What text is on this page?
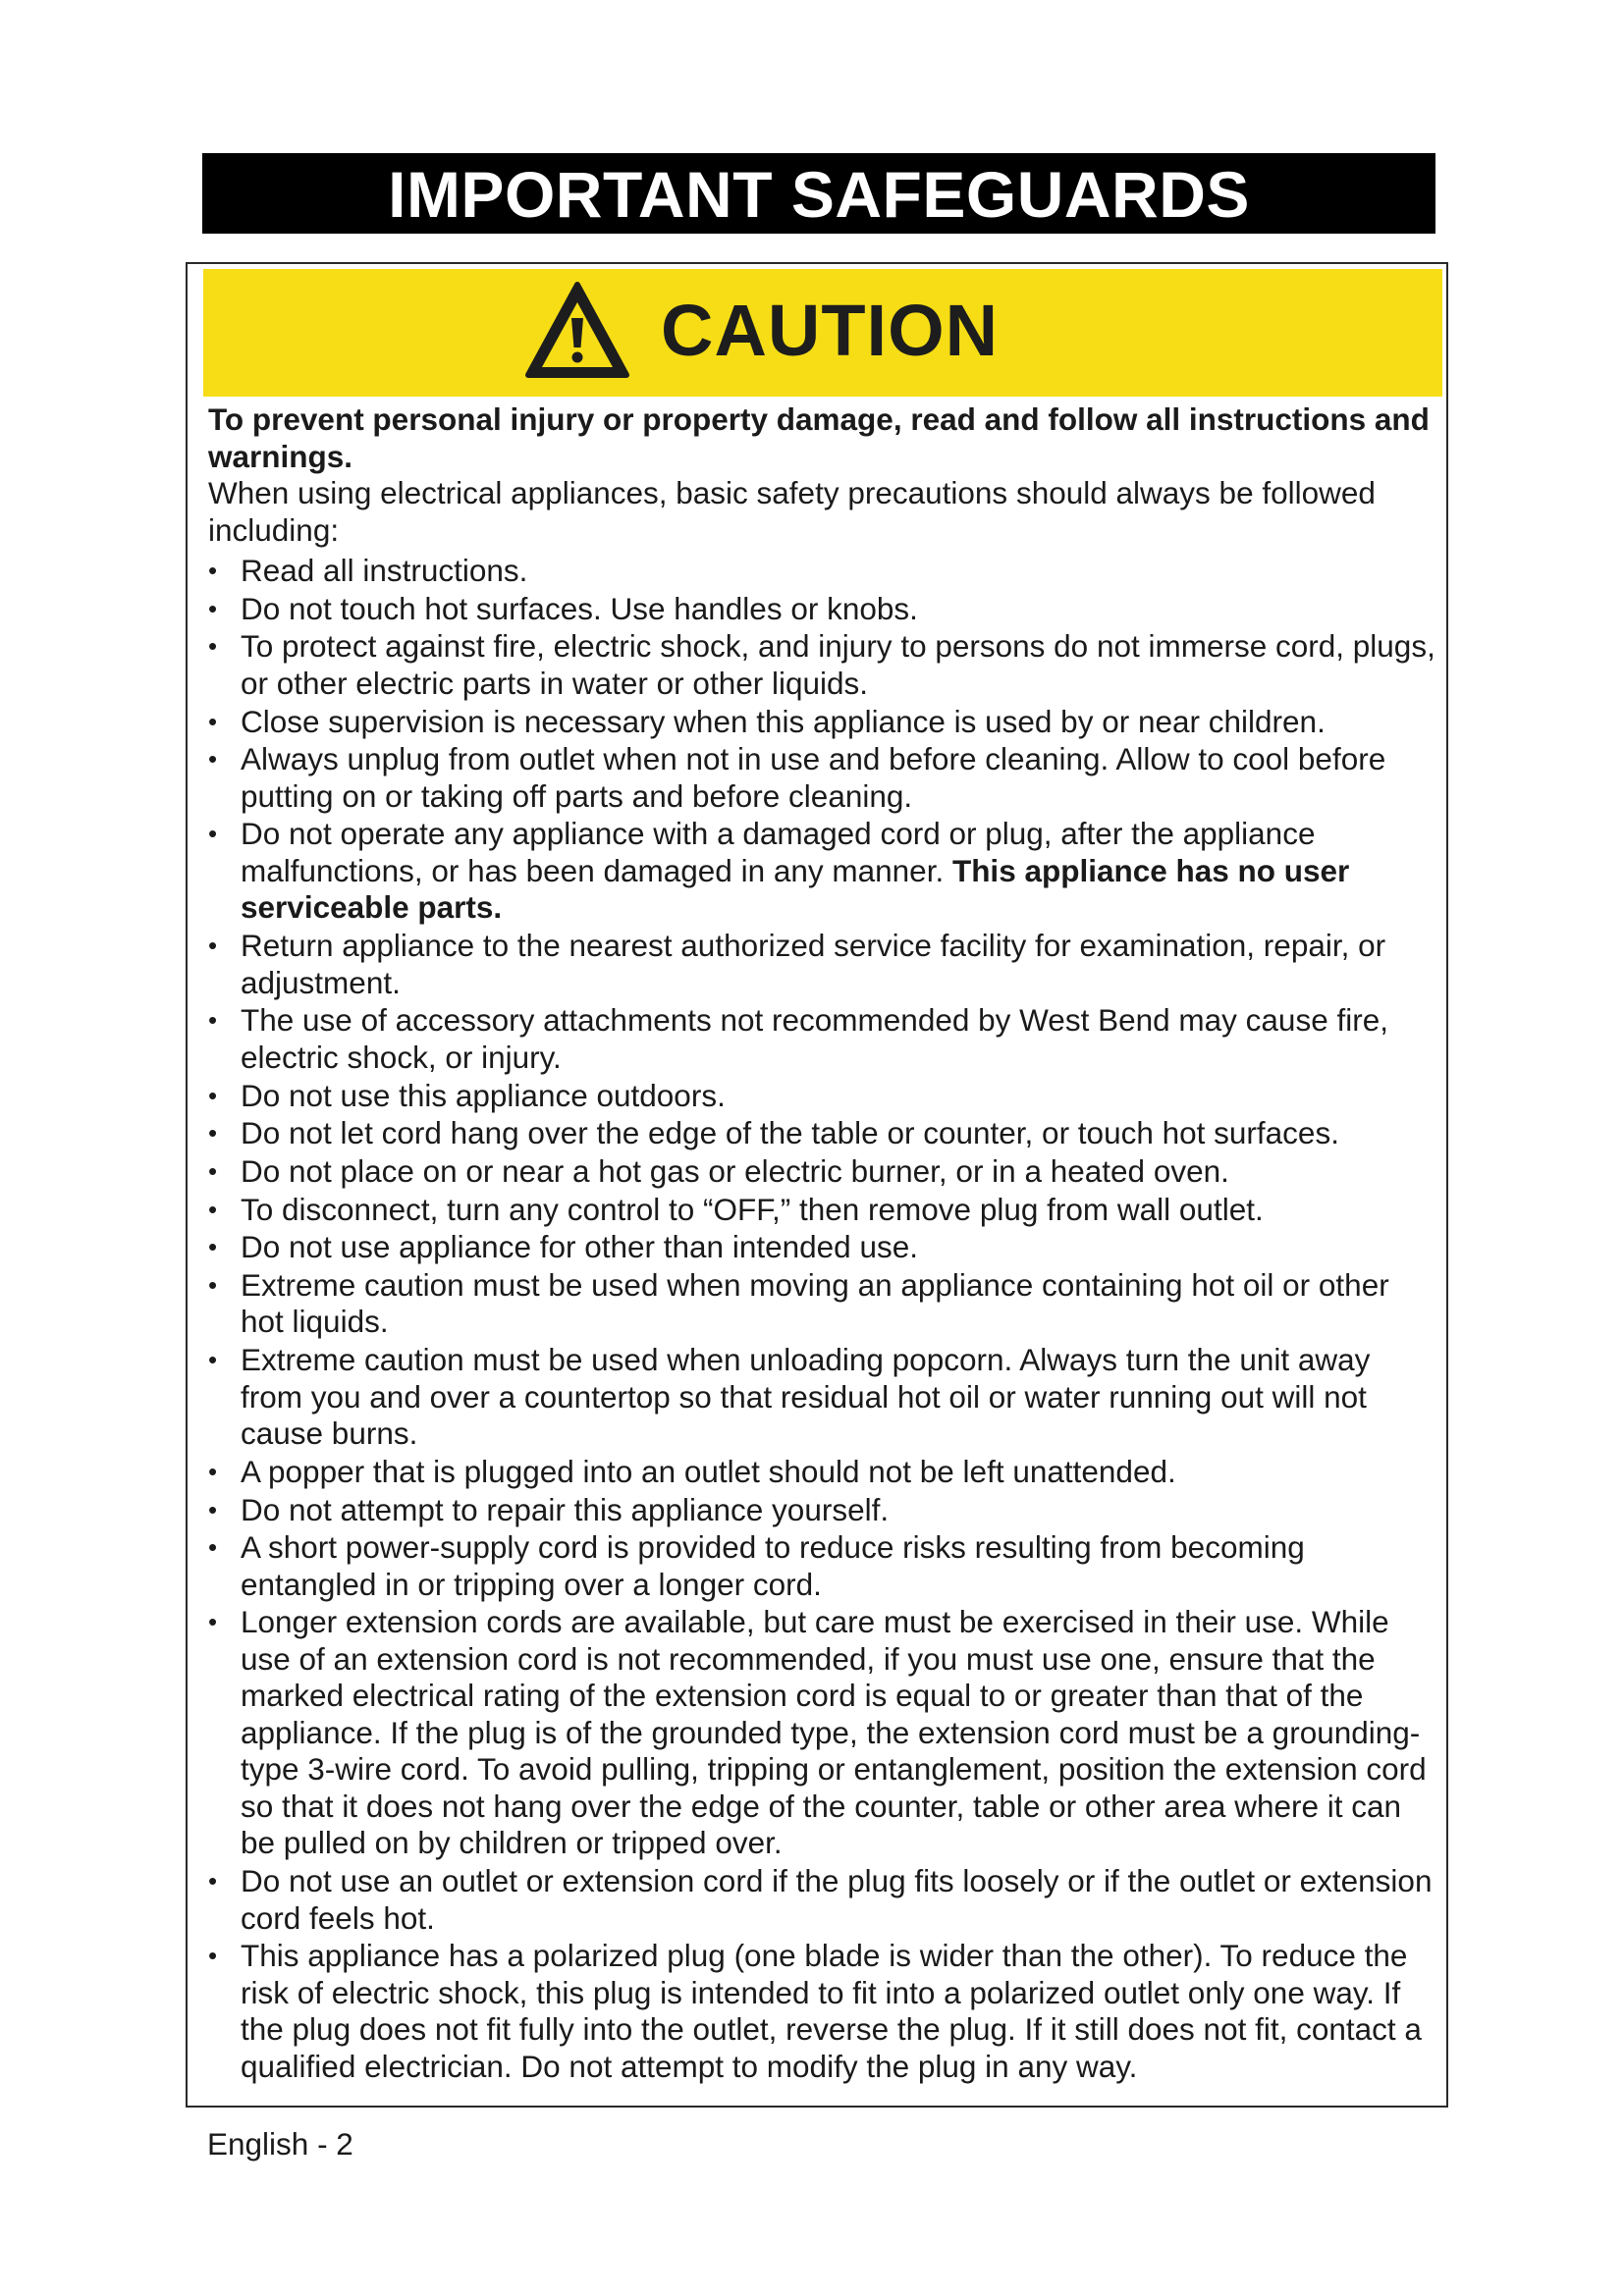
IMPORTANT SAFEGUARDS
CAUTION

To prevent personal injury or property damage, read and follow all instructions and warnings.

When using electrical appliances, basic safety precautions should always be followed including:

• Read all instructions.
• Do not touch hot surfaces. Use handles or knobs.
• To protect against fire, electric shock, and injury to persons do not immerse cord, plugs, or other electric parts in water or other liquids.
• Close supervision is necessary when this appliance is used by or near children.
• Always unplug from outlet when not in use and before cleaning. Allow to cool before putting on or taking off parts and before cleaning.
• Do not operate any appliance with a damaged cord or plug, after the appliance malfunctions, or has been damaged in any manner. This appliance has no user serviceable parts.
• Return appliance to the nearest authorized service facility for examination, repair, or adjustment.
• The use of accessory attachments not recommended by West Bend may cause fire, electric shock, or injury.
• Do not use this appliance outdoors.
• Do not let cord hang over the edge of the table or counter, or touch hot surfaces.
• Do not place on or near a hot gas or electric burner, or in a heated oven.
• To disconnect, turn any control to “OFF,” then remove plug from wall outlet.
• Do not use appliance for other than intended use.
• Extreme caution must be used when moving an appliance containing hot oil or other hot liquids.
• Extreme caution must be used when unloading popcorn. Always turn the unit away from you and over a countertop so that residual hot oil or water running out will not cause burns.
• A popper that is plugged into an outlet should not be left unattended.
• Do not attempt to repair this appliance yourself.
• A short power-supply cord is provided to reduce risks resulting from becoming entangled in or tripping over a longer cord.
• Longer extension cords are available, but care must be exercised in their use. While use of an extension cord is not recommended, if you must use one, ensure that the marked electrical rating of the extension cord is equal to or greater than that of the appliance. If the plug is of the grounded type, the extension cord must be a grounding-type 3-wire cord. To avoid pulling, tripping or entanglement, position the extension cord so that it does not hang over the edge of the counter, table or other area where it can be pulled on by children or tripped over.
• Do not use an outlet or extension cord if the plug fits loosely or if the outlet or extension cord feels hot.
• This appliance has a polarized plug (one blade is wider than the other). To reduce the risk of electric shock, this plug is intended to fit into a polarized outlet only one way. If the plug does not fit fully into the outlet, reverse the plug. If it still does not fit, contact a qualified electrician. Do not attempt to modify the plug in any way.
English - 2
